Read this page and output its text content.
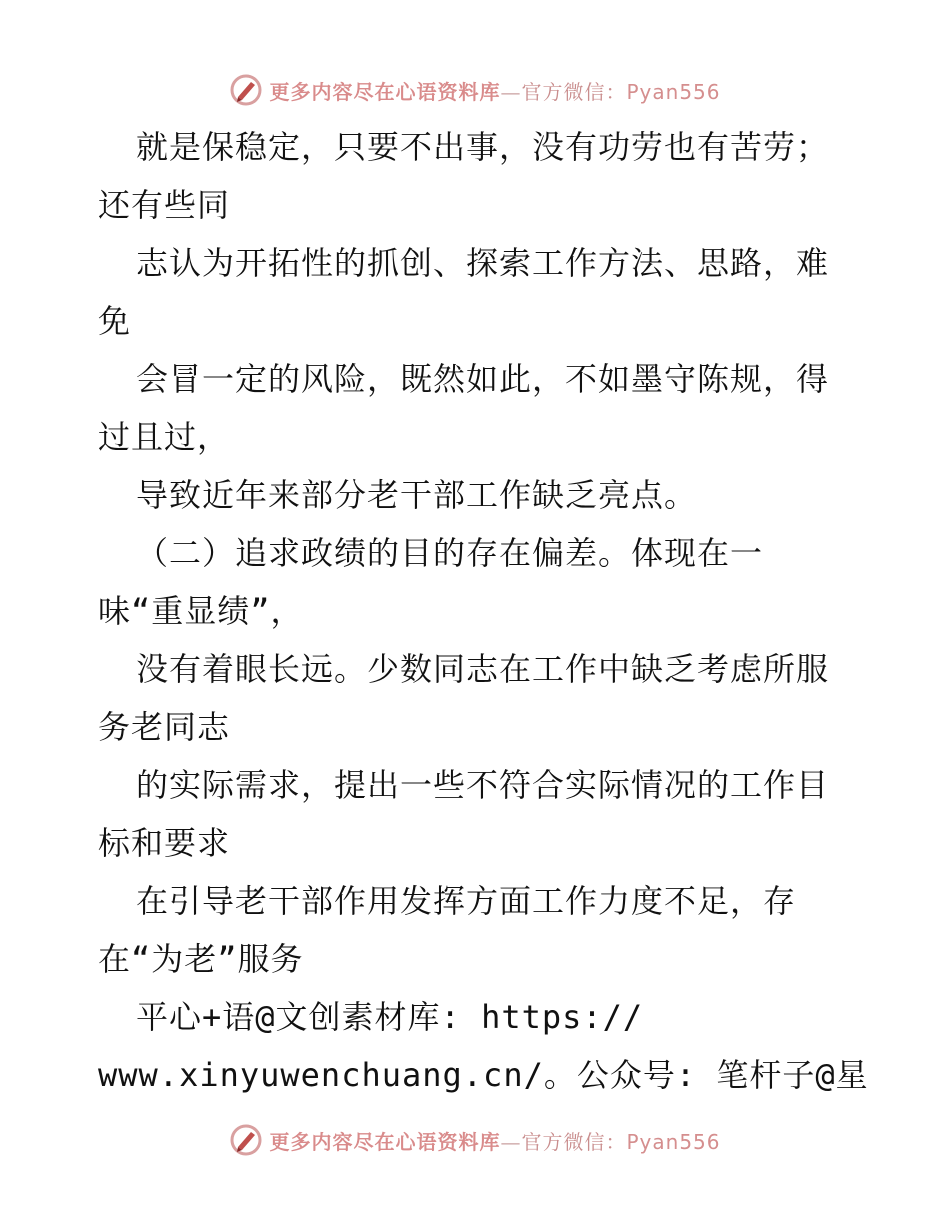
更多内容尽在心语资料库—官方微信：Pyan556
就是保稳定，只要不出事，没有功劳也有苦劳；
还有些同
志认为开拓性的抓创、探索工作方法、思路，难
免
会冒一定的风险，既然如此，不如墨守陈规，得
过且过，
导致近年来部分老干部工作缺乏亮点。
（二）追求政绩的目的存在偏差。体现在一
味“重显绩”，
没有着眼长远。少数同志在工作中缺乏考虑所服
务老同志
的实际需求，提出一些不符合实际情况的工作目
标和要求
在引导老干部作用发挥方面工作力度不足，存
在“为老”服务
平心+语@文创素材库: https://
www.xinyuwenchuang.cn/。公众号: 笔杆子@星
更多内容尽在心语资料库—官方微信：Pyan556
